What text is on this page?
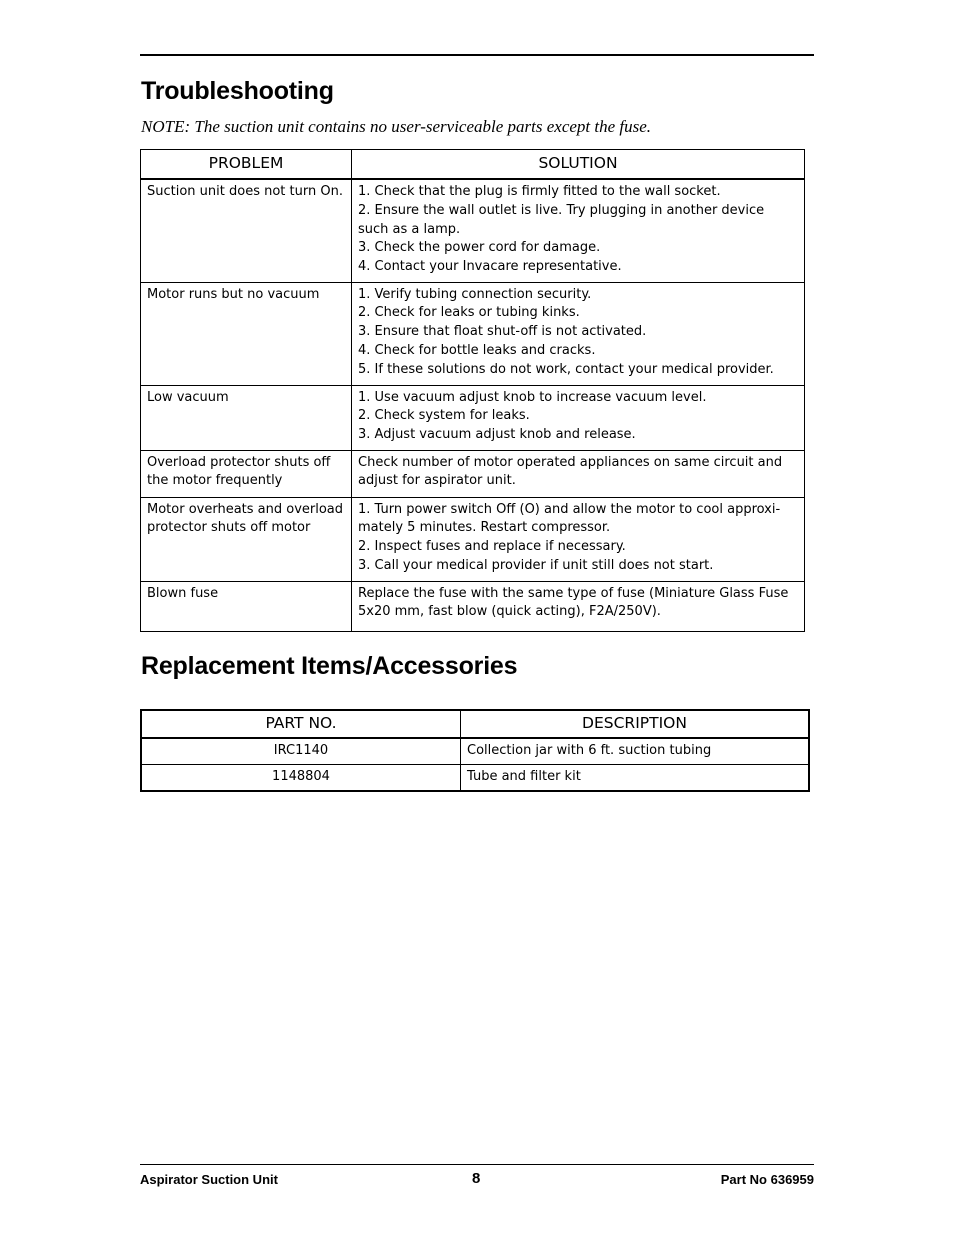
Troubleshooting
NOTE: The suction unit contains no user-serviceable parts except the fuse.
PROBLEM	SOLUTION
Suction unit does not turn On.	1. Check that the plug is firmly fitted to the wall socket.
2. Ensure the wall outlet is live. Try plugging in another device such as a lamp.
3. Check the power cord for damage.
4. Contact your Invacare representative.

Motor runs but no vacuum	1. Verify tubing connection security.
2. Check for leaks or tubing kinks.
3. Ensure that float shut-off is not activated.
4. Check for bottle leaks and cracks.
5. If these solutions do not work, contact your medical provider.

Low vacuum	1. Use vacuum adjust knob to increase vacuum level.
2. Check system for leaks.
3. Adjust vacuum adjust knob and release.

Overload protector shuts off the motor frequently	Check number of motor operated appliances on same circuit and adjust for aspirator unit.

Motor overheats and overload protector shuts off motor	1. Turn power switch Off (O) and allow the motor to cool approxi-mately 5 minutes. Restart compressor.
2. Inspect fuses and replace if necessary.
3. Call your medical provider if unit still does not start.

Blown fuse	Replace the fuse with the same type of fuse (Miniature Glass Fuse 5x20 mm, fast blow (quick acting), F2A/250V).
Replacement Items/Accessories
PART NO.	DESCRIPTION
IRC1140	Collection jar with 6 ft. suction tubing
1148804	Tube and filter kit
Aspirator Suction Unit	8	Part No 636959
